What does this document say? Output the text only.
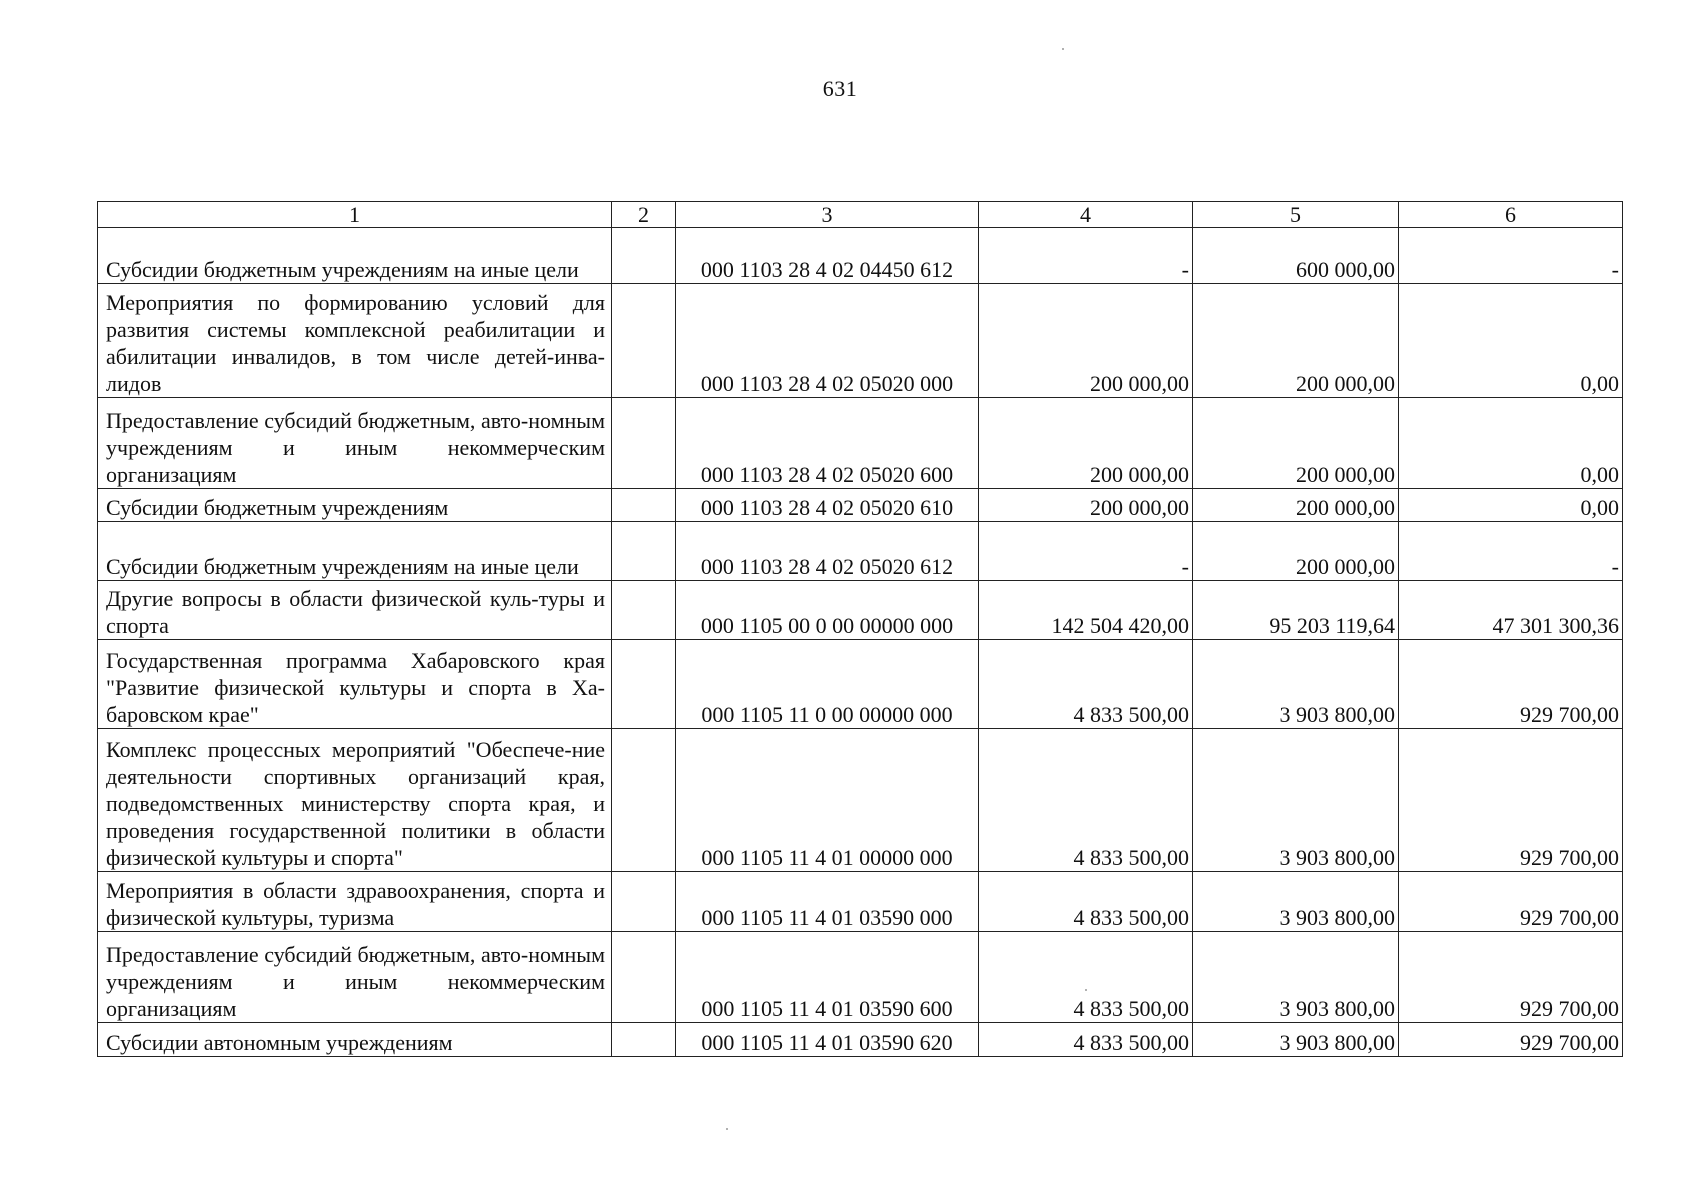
631
1	2	3	4	5	6
Субсидии бюджетным учреждениям на иные цели		000 1103 28 4 02 04450 612	-	600 000,00	-
Мероприятия по формированию условий для развития системы комплексной реабилитации и абилитации инвалидов, в том числе детей-инва-лидов		000 1103 28 4 02 05020 000	200 000,00	200 000,00	0,00
Предоставление субсидий бюджетным, авто-номным учреждениям и иным некоммерческим организациям		000 1103 28 4 02 05020 600	200 000,00	200 000,00	0,00
Субсидии бюджетным учреждениям		000 1103 28 4 02 05020 610	200 000,00	200 000,00	0,00
Субсидии бюджетным учреждениям на иные цели		000 1103 28 4 02 05020 612	-	200 000,00	-
Другие вопросы в области физической куль-туры и спорта		000 1105 00 0 00 00000 000	142 504 420,00	95 203 119,64	47 301 300,36
Государственная программа Хабаровского края "Развитие физической культуры и спорта в Ха-баровском крае"		000 1105 11 0 00 00000 000	4 833 500,00	3 903 800,00	929 700,00
Комплекс процессных мероприятий "Обеспече-ние деятельности спортивных организаций края, подведомственных министерству спорта края, и проведения государственной политики в области физической культуры и спорта"		000 1105 11 4 01 00000 000	4 833 500,00	3 903 800,00	929 700,00
Мероприятия в области здравоохранения, спорта и физической культуры, туризма		000 1105 11 4 01 03590 000	4 833 500,00	3 903 800,00	929 700,00
Предоставление субсидий бюджетным, авто-номным учреждениям и иным некоммерческим организациям		000 1105 11 4 01 03590 600	4 833 500,00	3 903 800,00	929 700,00
Субсидии автономным учреждениям		000 1105 11 4 01 03590 620	4 833 500,00	3 903 800,00	929 700,00
